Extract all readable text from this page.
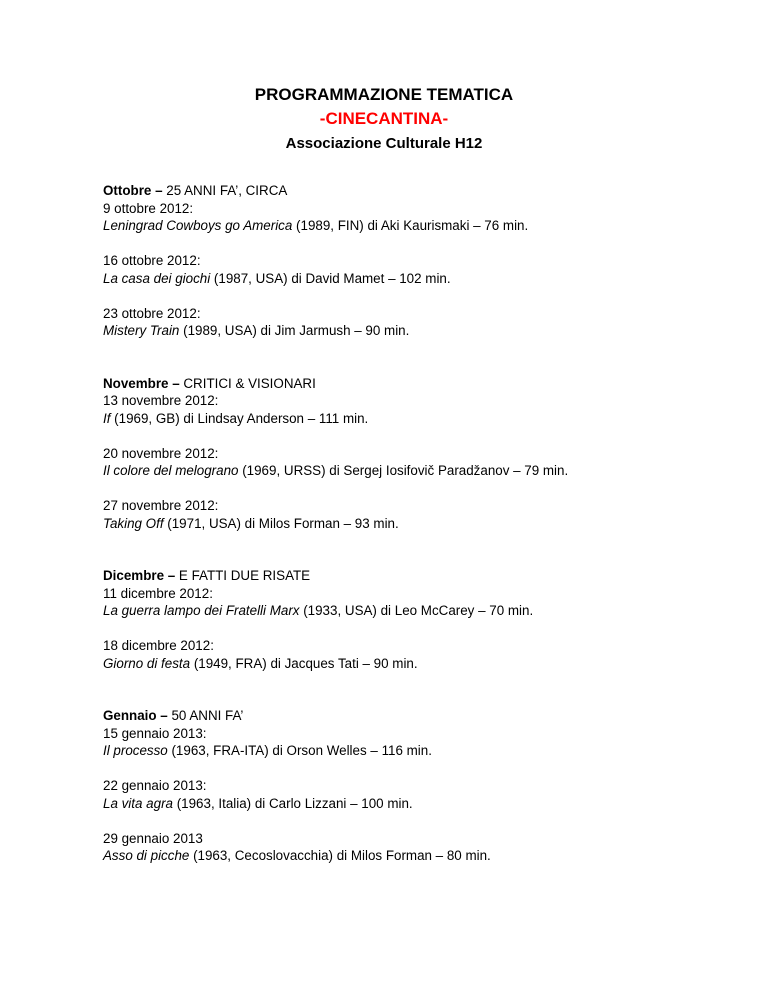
PROGRAMMAZIONE TEMATICA

-CINECANTINA-

Associazione Culturale H12

Ottobre – 25 ANNI FA’, CIRCA

9 ottobre 2012:

Leningrad Cowboys go America (1989, FIN) di Aki Kaurismaki – 76 min.

16 ottobre 2012:

La casa dei giochi (1987, USA) di David Mamet – 102 min.

23 ottobre 2012:

Mistery Train (1989, USA) di Jim Jarmush – 90 min.

Novembre – CRITICI & VISIONARI

13 novembre 2012:

If (1969, GB) di Lindsay Anderson – 111 min.

20 novembre 2012:

Il colore del melograno (1969, URSS) di Sergej Iosifovič Paradžanov – 79 min.

27 novembre 2012:

Taking Off (1971, USA) di Milos Forman – 93 min.

Dicembre – E FATTI DUE RISATE

11 dicembre 2012:

La guerra lampo dei Fratelli Marx (1933, USA) di Leo McCarey – 70 min.

18 dicembre 2012:

Giorno di festa (1949, FRA) di Jacques Tati – 90 min.

Gennaio – 50 ANNI FA’

15 gennaio 2013:

Il processo (1963, FRA-ITA) di Orson Welles – 116 min.

22 gennaio 2013:

La vita agra (1963, Italia) di Carlo Lizzani – 100 min.

29 gennaio 2013

Asso di picche (1963, Cecoslovacchia) di Milos Forman – 80 min.
